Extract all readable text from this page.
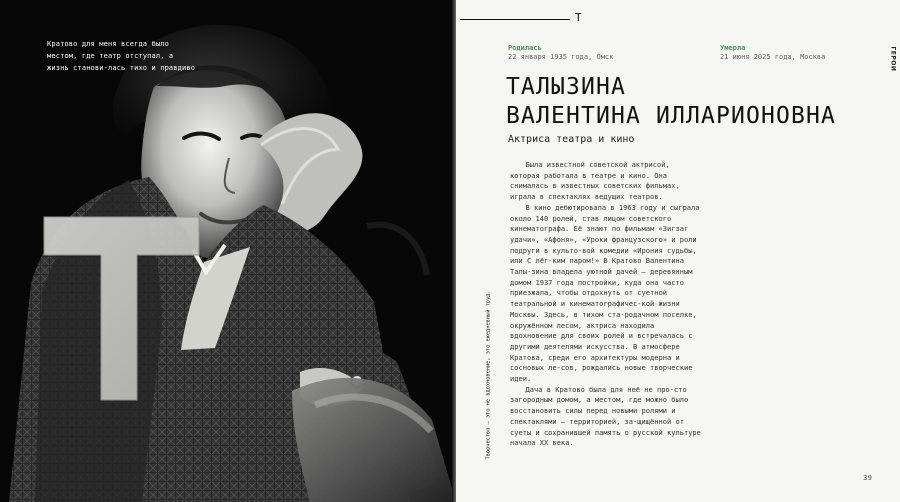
Кратово для меня всегда было местом, где театр отступал, а жизнь станови-лась тихо и правдиво
Т
Родилась
22 января 1935 года, Омск
Умерла
21 июня 2025 года, Москва	ГЕРОИ
ТАЛЫЗИНА
ВАЛЕНТИНА ИЛЛАРИОНОВНА
Актриса театра и кино

Была известной советской актрисой, которая работала в театре и кино. Она снималась в известных советских фильмах, играла в спектаклях ведущих театров.

В кино дебютировала в 1963 году и сыграла около 140 ролей, став лицом советского кинематографа. Её знают по фильмам «Зигзаг удачи», «Афоня», «Уроки французского» и роли подруги в культо-вой комедии «Ирония судьбы, или С лёг-ким паром!» В Кратово Валентина Талы-зина владела уютной дачей — деревянным домом 1937 года постройки, куда она часто приезжала, чтобы отдохнуть от суетной театральной и кинематографичес-кой жизни Москвы. Здесь, в тихом ста-родачном поселке, окружённом лесом, актриса находила вдохновение для своих ролей и встречалась с другими деятелями искусства. В атмосфере Кратова, среди его архитектуры модерна и сосновых ле-сов, рождались новые творческие идеи.

Дача в Кратово была для неё не про-сто загородным домом, а местом, где можно было восстановить силы перед новыми ролями и спектаклями — территорией, за-щищённой от суеты и сохранившей память о русской культуре начала XX века.

Творчество – это не вдохновение, это ежедневный труд.
39
